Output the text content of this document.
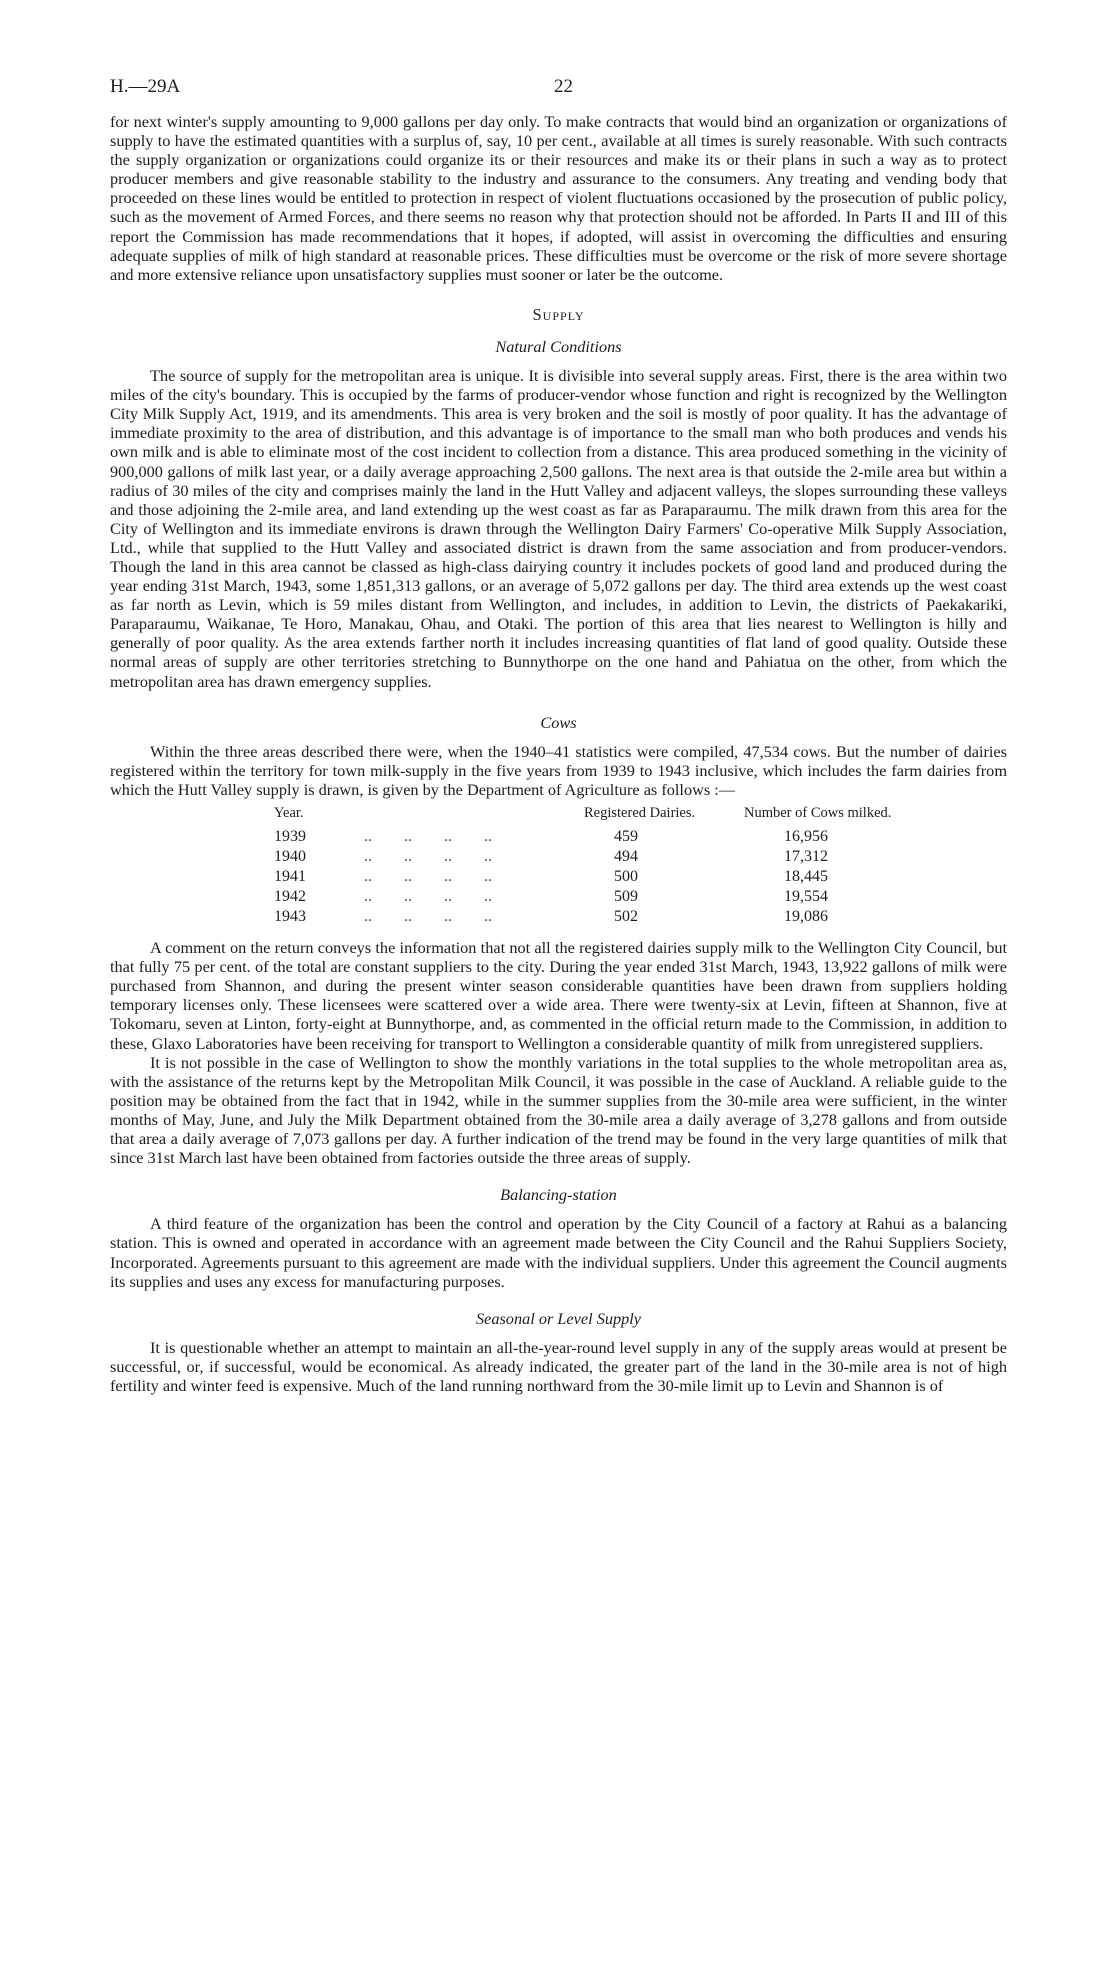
H.—29A	22

for next winter's supply amounting to 9,000 gallons per day only. To make contracts that would bind an organization or organizations of supply to have the estimated quantities with a surplus of, say, 10 per cent., available at all times is surely reasonable. With such contracts the supply organization or organizations could organize its or their resources and make its or their plans in such a way as to protect producer members and give reasonable stability to the industry and assurance to the consumers. Any treating and vending body that proceeded on these lines would be entitled to protection in respect of violent fluctuations occasioned by the prosecution of public policy, such as the movement of Armed Forces, and there seems no reason why that protection should not be afforded. In Parts II and III of this report the Commission has made recommendations that it hopes, if adopted, will assist in overcoming the difficulties and ensuring adequate supplies of milk of high standard at reasonable prices. These difficulties must be overcome or the risk of more severe shortage and more extensive reliance upon unsatisfactory supplies must sooner or later be the outcome.

Supply
Natural Conditions

The source of supply for the metropolitan area is unique. It is divisible into several supply areas. First, there is the area within two miles of the city's boundary. This is occupied by the farms of producer-vendor whose function and right is recognized by the Wellington City Milk Supply Act, 1919, and its amendments. This area is very broken and the soil is mostly of poor quality. It has the advantage of immediate proximity to the area of distribution, and this advantage is of importance to the small man who both produces and vends his own milk and is able to eliminate most of the cost incident to collection from a distance. This area produced something in the vicinity of 900,000 gallons of milk last year, or a daily average approaching 2,500 gallons. The next area is that outside the 2-mile area but within a radius of 30 miles of the city and comprises mainly the land in the Hutt Valley and adjacent valleys, the slopes surrounding these valleys and those adjoining the 2-mile area, and land extending up the west coast as far as Paraparaumu. The milk drawn from this area for the City of Wellington and its immediate environs is drawn through the Wellington Dairy Farmers' Co-operative Milk Supply Association, Ltd., while that supplied to the Hutt Valley and associated district is drawn from the same association and from producer-vendors. Though the land in this area cannot be classed as high-class dairying country it includes pockets of good land and produced during the year ending 31st March, 1943, some 1,851,313 gallons, or an average of 5,072 gallons per day. The third area extends up the west coast as far north as Levin, which is 59 miles distant from Wellington, and includes, in addition to Levin, the districts of Paekakariki, Paraparaumu, Waikanae, Te Horo, Manakau, Ohau, and Otaki. The portion of this area that lies nearest to Wellington is hilly and generally of poor quality. As the area extends farther north it includes increasing quantities of flat land of good quality. Outside these normal areas of supply are other territories stretching to Bunnythorpe on the one hand and Pahiatua on the other, from which the metropolitan area has drawn emergency supplies.

Cows

Within the three areas described there were, when the 1940–41 statistics were compiled, 47,534 cows. But the number of dairies registered within the territory for town milk-supply in the five years from 1939 to 1943 inclusive, which includes the farm dairies from which the Hutt Valley supply is drawn, is given by the Department of Agriculture as follows :—

Year.		Registered Dairies.	Number of Cows milked.
1939	..        ..        ..        ..	459	16,956
1940	..        ..        ..        ..	494	17,312
1941	..        ..        ..        ..	500	18,445
1942	..        ..        ..        ..	509	19,554
1943	..        ..        ..        ..	502	19,086

A comment on the return conveys the information that not all the registered dairies supply milk to the Wellington City Council, but that fully 75 per cent. of the total are constant suppliers to the city. During the year ended 31st March, 1943, 13,922 gallons of milk were purchased from Shannon, and during the present winter season considerable quantities have been drawn from suppliers holding temporary licenses only. These licensees were scattered over a wide area. There were twenty-six at Levin, fifteen at Shannon, five at Tokomaru, seven at Linton, forty-eight at Bunnythorpe, and, as commented in the official return made to the Commission, in addition to these, Glaxo Laboratories have been receiving for transport to Wellington a considerable quantity of milk from unregistered suppliers.

It is not possible in the case of Wellington to show the monthly variations in the total supplies to the whole metropolitan area as, with the assistance of the returns kept by the Metropolitan Milk Council, it was possible in the case of Auckland. A reliable guide to the position may be obtained from the fact that in 1942, while in the summer supplies from the 30-mile area were sufficient, in the winter months of May, June, and July the Milk Department obtained from the 30-mile area a daily average of 3,278 gallons and from outside that area a daily average of 7,073 gallons per day. A further indication of the trend may be found in the very large quantities of milk that since 31st March last have been obtained from factories outside the three areas of supply.

Balancing-station

A third feature of the organization has been the control and operation by the City Council of a factory at Rahui as a balancing station. This is owned and operated in accordance with an agreement made between the City Council and the Rahui Suppliers Society, Incorporated. Agreements pursuant to this agreement are made with the individual suppliers. Under this agreement the Council augments its supplies and uses any excess for manufacturing purposes.

Seasonal or Level Supply

It is questionable whether an attempt to maintain an all-the-year-round level supply in any of the supply areas would at present be successful, or, if successful, would be economical. As already indicated, the greater part of the land in the 30-mile area is not of high fertility and winter feed is expensive. Much of the land running northward from the 30-mile limit up to Levin and Shannon is of
